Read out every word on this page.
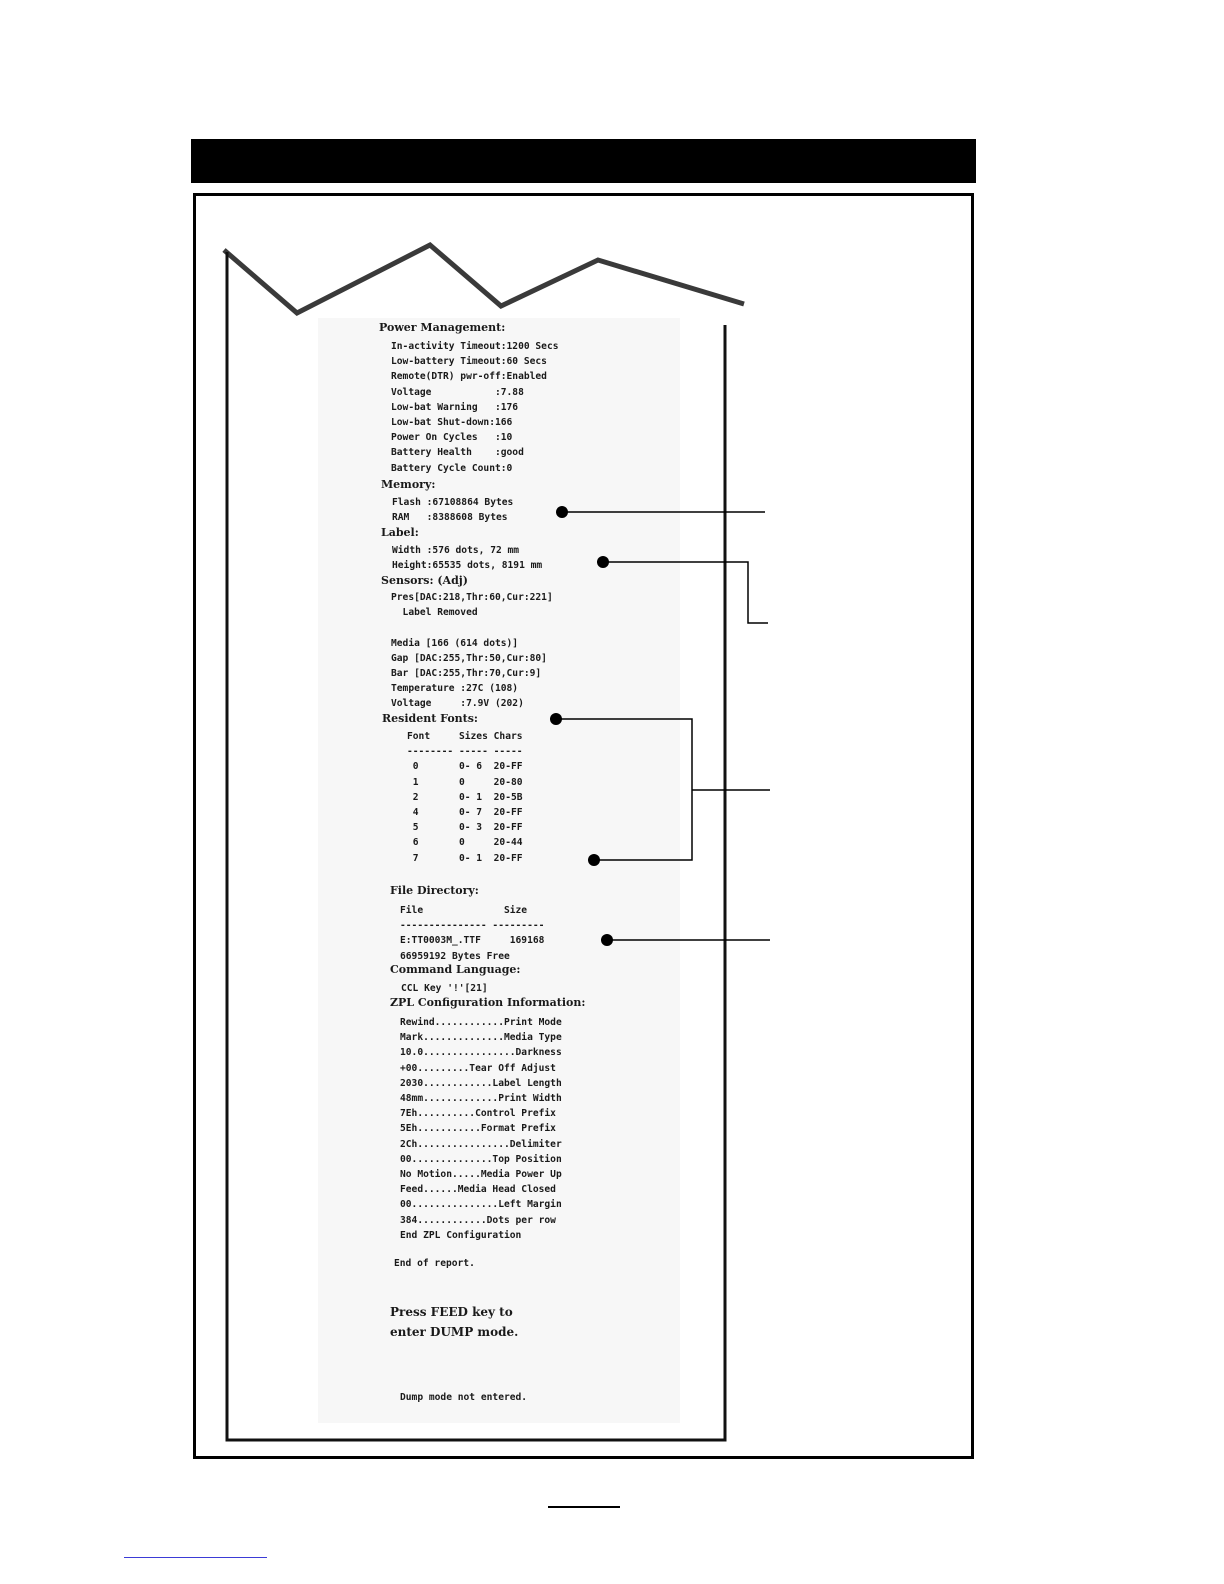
Power Management:
In-activity Timeout:1200 Secs
Low-battery Timeout:60 Secs
Remote(DTR) pwr-off:Enabled
Voltage           :7.88
Low-bat Warning   :176
Low-bat Shut-down:166
Power On Cycles   :10
Battery Health    :good
Battery Cycle Count:0
Memory:
Flash :67108864 Bytes
RAM   :8388608 Bytes
Label:
Width :576 dots, 72 mm
Height:65535 dots, 8191 mm
Sensors: (Adj)
Pres[DAC:218,Thr:60,Cur:221]
Label Removed

Media [166 (614 dots)]
Gap [DAC:255,Thr:50,Cur:80]
Bar [DAC:255,Thr:70,Cur:9]
Temperature :27C (108)
Voltage     :7.9V (202)
Resident Fonts:
Font     Sizes Chars
-------- ----- -----
0       0- 6  20-FF
1       0     20-80
2       0- 1  20-5B
4       0- 7  20-FF
5       0- 3  20-FF
6       0     20-44
7       0- 1  20-FF
File Directory:
File              Size
--------------- ---------
E:TT0003M_.TTF     169168
66959192 Bytes Free
Command Language:
CCL Key '!'[21]
ZPL Configuration Information:
Rewind............Print Mode
Mark..............Media Type
10.0................Darkness
+00.........Tear Off Adjust
2030............Label Length
48mm.............Print Width
7Eh..........Control Prefix
5Eh...........Format Prefix
2Ch................Delimiter
00..............Top Position
No Motion.....Media Power Up
Feed......Media Head Closed
00...............Left Margin
384............Dots per row
End ZPL Configuration
End of report.
Press FEED key to
enter DUMP mode.
Dump mode not entered.
